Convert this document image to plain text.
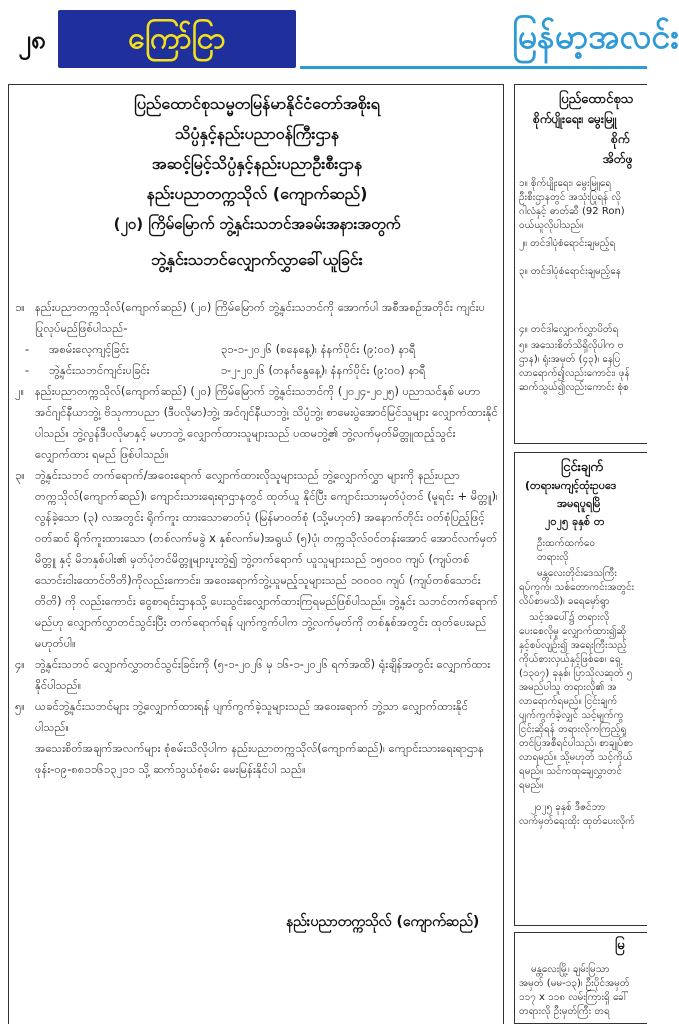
၂၈	ကြော်ငြာ	မြန်မာ့အလင်း
ပြည်ထောင်စုသမ္မတမြန်မာနိုင်ငံတော်အစိုးရ
သိပ္ပံနှင့်နည်းပညာဝန်ကြီးဌာန
အဆင့်မြင့်သိပ္ပံနှင့်နည်းပညာဦးစီးဌာန
နည်းပညာတက္ကသိုလ် (ကျောက်ဆည်)
(၂၀) ကြိမ်မြောက် ဘွဲ့နှင်းသဘင်အခမ်းအနားအတွက်
ဘွဲ့နှင်းသဘင်လျှောက်လွှာခေါ်ယူခြင်း

၁။ နည်းပညာတက္ကသိုလ်(ကျောက်ဆည်) (၂၀) ကြိမ်မြောက် ဘွဲ့နှင်းသဘင်ကို အောက်ပါ အစီအစဉ်အတိုင်း ကျင်းပပြုလုပ်မည်ဖြစ်ပါသည်-

- အစမ်းလေ့ကျင့်ခြင်း	၃၁-၁-၂၀၂၆ (စနေနေ့)၊ နံနက်ပိုင်း (၉:၀၀) နာရီ

- ဘွဲ့နှင်းသဘင်ကျင်းပခြင်း	၁-၂-၂၀၂၆ (တနင်္ဂနွေနေ့)၊ နံနက်ပိုင်း (၉:၀၀) နာရီ

၂။ နည်းပညာတက္ကသိုလ်(ကျောက်ဆည်) (၂၀) ကြိမ်မြောက် ဘွဲ့နှင်းသဘင်ကို (၂၀၂၄-၂၀၂၅) ပညာသင်နှစ် မဟာအင်ဂျင်နီယာဘွဲ့၊ ဗိသုကာပညာ (ဒီပလိုမာ)ဘွဲ့၊ အင်ဂျင်နီယာဘွဲ့၊ သိပ္ပံဘွဲ့၊ စာမေးပွဲအောင်မြင်သူများ လျှောက်ထားနိုင်ပါသည်။ ဘွဲ့လွန်ဒီပလိုမာနှင့် မဟာဘွဲ့ လျှောက်ထားသူများသည် ပထမဘွဲ့၏ ဘွဲ့လက်မှတ်မိတ္တူထည့်သွင်း လျှောက်ထား ရမည် ဖြစ်ပါသည်။

၃။ ဘွဲ့နှင်းသဘင် တက်ရောက်/အဝေးရောက် လျှောက်ထားလိုသူများသည် ဘွဲ့လျှောက်လွှာ များကို နည်းပညာတက္ကသိုလ်(ကျောက်ဆည်)၊ ကျောင်းသားရေးရာဌာနတွင် ထုတ်ယူ နိုင်ပြီး ကျောင်းသားမှတ်ပုံတင် (မူရင်း + မိတ္တူ)၊ လွန်ခဲ့သော (၃) လအတွင်း ရိုက်ကူး ထားသောဓာတ်ပုံ (မြန်မာဝတ်စုံ (သို့မဟုတ်) အနောက်တိုင်း ဝတ်စုံပြည့်ဖြင့် ဝတ်ဆင် ရိုက်ကူးထားသော (တစ်လက်မခွဲ x နှစ်လက်မ)အရွယ် (၅)ပုံ၊ တက္ကသိုလ်ဝင်တန်းအောင် အောင်လက်မှတ်မိတ္တူ နှင့် မိဘနှစ်ပါး၏ မှတ်ပုံတင်မိတ္တူများပူးတွဲ၍ ဘွဲ့တက်ရောက် ယူသူများသည် ၁၅၀၀၀ ကျပ် (ကျပ်တစ်သောင်းငါးထောင်တိတိ)ကိုလည်းကောင်း၊ အဝေးရောက်ဘွဲ့ယူမည့်သူများသည် ၁၀၀၀၀ ကျပ် (ကျပ်တစ်သောင်းတိတိ) ကို လည်းကောင်း ငွေစာရင်းဌာနသို့ ပေးသွင်းလျှောက်ထားကြရမည်ဖြစ်ပါသည်။ ဘွဲ့နှင်း သဘင်တက်ရောက်မည်ဟု လျှောက်လွှာတင်သွင်းပြီး တက်ရောက်ရန် ပျက်ကွက်ပါက ဘွဲ့လက်မှတ်ကို တစ်နှစ်အတွင်း ထုတ်ပေးမည်မဟုတ်ပါ။

၄။ ဘွဲ့နှင်းသဘင် လျှောက်လွှာတင်သွင်းခြင်းကို (၅-၁-၂၀၂၆ မှ ၁၆-၁-၂၀၂၆ ရက်အထိ) ရုံးချိန်အတွင်း လျှောက်ထားနိုင်ပါသည်။

၅။ ယခင်ဘွဲ့နှင်းသဘင်များ ဘွဲ့လျှောက်ထားရန် ပျက်ကွက်ခဲ့သူများသည် အဝေးရောက် ဘွဲ့သာ လျှောက်ထားနိုင်ပါသည်။

အသေးစိတ်အချက်အလက်များ စုံစမ်းသိလိုပါက နည်းပညာတက္ကသိုလ်(ကျောက်ဆည်)၊ ကျောင်းသားရေးရာဌာန ဖုန်း-၀၉-၈၈၁၁၆၁၃၂၁၁ သို့ ဆက်သွယ်စုံစမ်း မေးမြန်းနိုင်ပါ သည်။

နည်းပညာတက္ကသိုလ် (ကျောက်ဆည်)
ပြည်ထောင်စုသ
စိုက်ပျိုးရေး၊ မွေးမြူ
စိုက်
အိတ်ဖွ
၁။ စိုက်ပျိုးရေး၊ မွေးမြူရေ
ဦးစီးဌာနတွင် အသုံးပြုရန် လို
ဂါလံနှင့် ဓာတ်ဆီ (92 Ron)
ဝယ်ယူလိုပါသည်။
၂။ တင်ဒါပုံစံရောင်းချမည့်ရ
၃။ တင်ဒါပုံစံရောင်းချမည့်နေ
၄။ တင်ဒါလျှောက်လွှာပိတ်ရ
၅။ အသေးစိတ်သိရှိလိုပါက ဗ
ဌာန)၊ ရုံးအမှတ် (၄၃)၊ နေပြ
လာရောက်၍လည်းကောင်း၊ ဖုန်
ဆက်သွယ်၍လည်းကောင်း စုံစ
ငြင်းချက်
(တရားမကျင့်ထုံးဥပဒေ
အမရပူရမြိ
၂၀၂၅ ခုနှစ် တ
ဦးထက်ထက်ဝေ
တရားလို
မန္တလေးတိုင်းဒေသကြီး
ရပ်ကွက်၊ သစ်တောကင်းအတွင်း
လိပ်စာမသိ)၊ ခရေမှော်ရွာ
သင့်အပေါ်၌ တရားလို
ပေးစေလိုမှု လျှောက်ထား၍ဆို
နှင့်စပ်လျဉ်း၍ အရေးကြီးသည့်
ကိုယ်စားလှယ်နှင့်ဖြစ်စေ၊ ရှေ့
(၁၃၀၇) ခုနှစ်၊ ပြာသိုလဆုတ် ၅
အမည်ပါသူ တရားလို၏ အ
လာရောက်ရမည်။ ငြင်းချက်
ပျက်ကွက်ခဲ့လျှင် သင့်မျက်ကွ
ငြင်းဆိုရန် တရားလိုကကြည့်ရှု
တင်ပြအစီရင်ပါသည်၊ စာချုပ်စာ
လာရမည်။ သို့မဟုတ် သင့်ကိုယ်
ရမည်။ သင်ကထုချေလွှာတင်
ရမည်။
၂၀၂၅ ခုနှစ် ဒီဇင်ဘာ
လက်မှတ်ရေးထိုး ထုတ်ပေးလိုက်
မြ
မန္တလေးမြို့၊ ချမ်းမြသာ
အမှတ် (မမ-၁၃)၊ ဦးပိုင်အမှတ်
၁၁၇ x ၁၁၈ လမ်းကြားရှိ ခေါ်
တရားလို ဦးမှတ်ကြီး တရ
